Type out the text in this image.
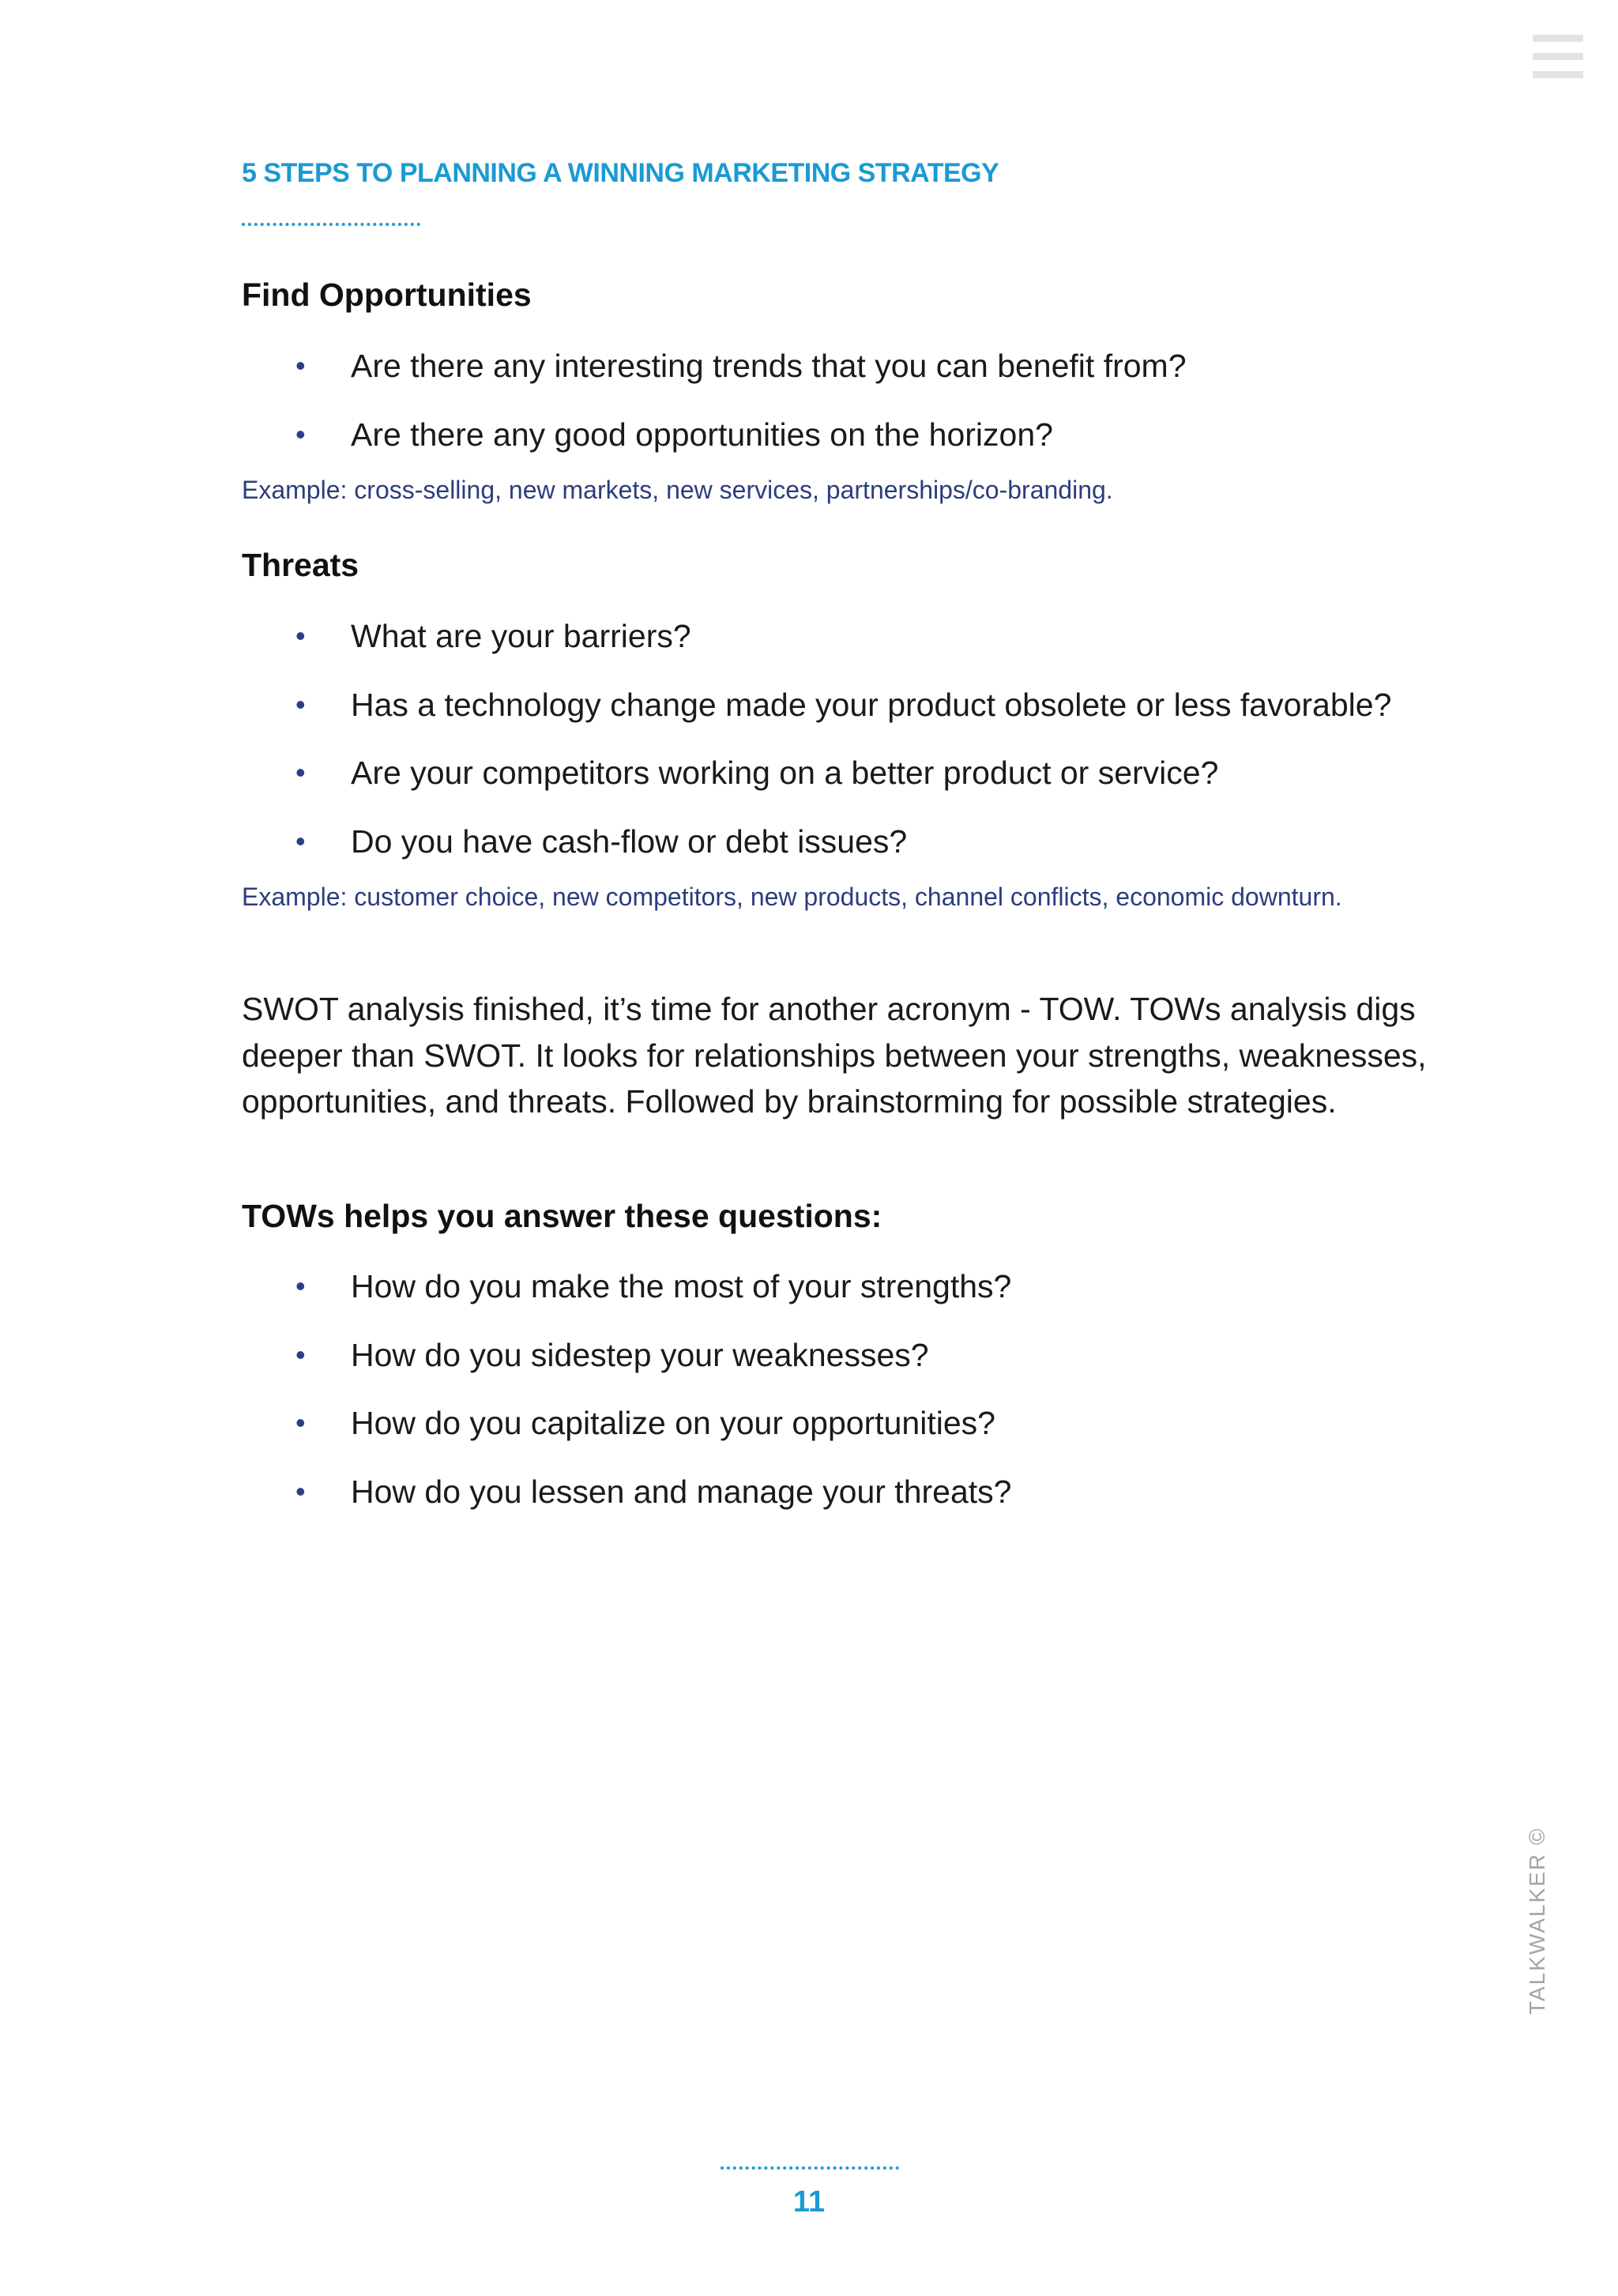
5 STEPS TO PLANNING A WINNING MARKETING STRATEGY
Find Opportunities
• Are there any interesting trends that you can benefit from?
• Are there any good opportunities on the horizon?
Example: cross-selling, new markets, new services, partnerships/co-branding.
Threats
• What are your barriers?
• Has a technology change made your product obsolete or less favorable?
• Are your competitors working on a better product or service?
• Do you have cash-flow or debt issues?
Example: customer choice, new competitors, new products, channel conflicts, economic downturn.

SWOT analysis finished, it’s time for another acronym - TOW. TOWs analysis digs deeper than SWOT. It looks for relationships between your strengths, weaknesses, opportunities, and threats. Followed by brainstorming for possible strategies.

TOWs helps you answer these questions:
• How do you make the most of your strengths?
• How do you sidestep your weaknesses?
• How do you capitalize on your opportunities?
• How do you lessen and manage your threats?
TALKWALKER ©
11
